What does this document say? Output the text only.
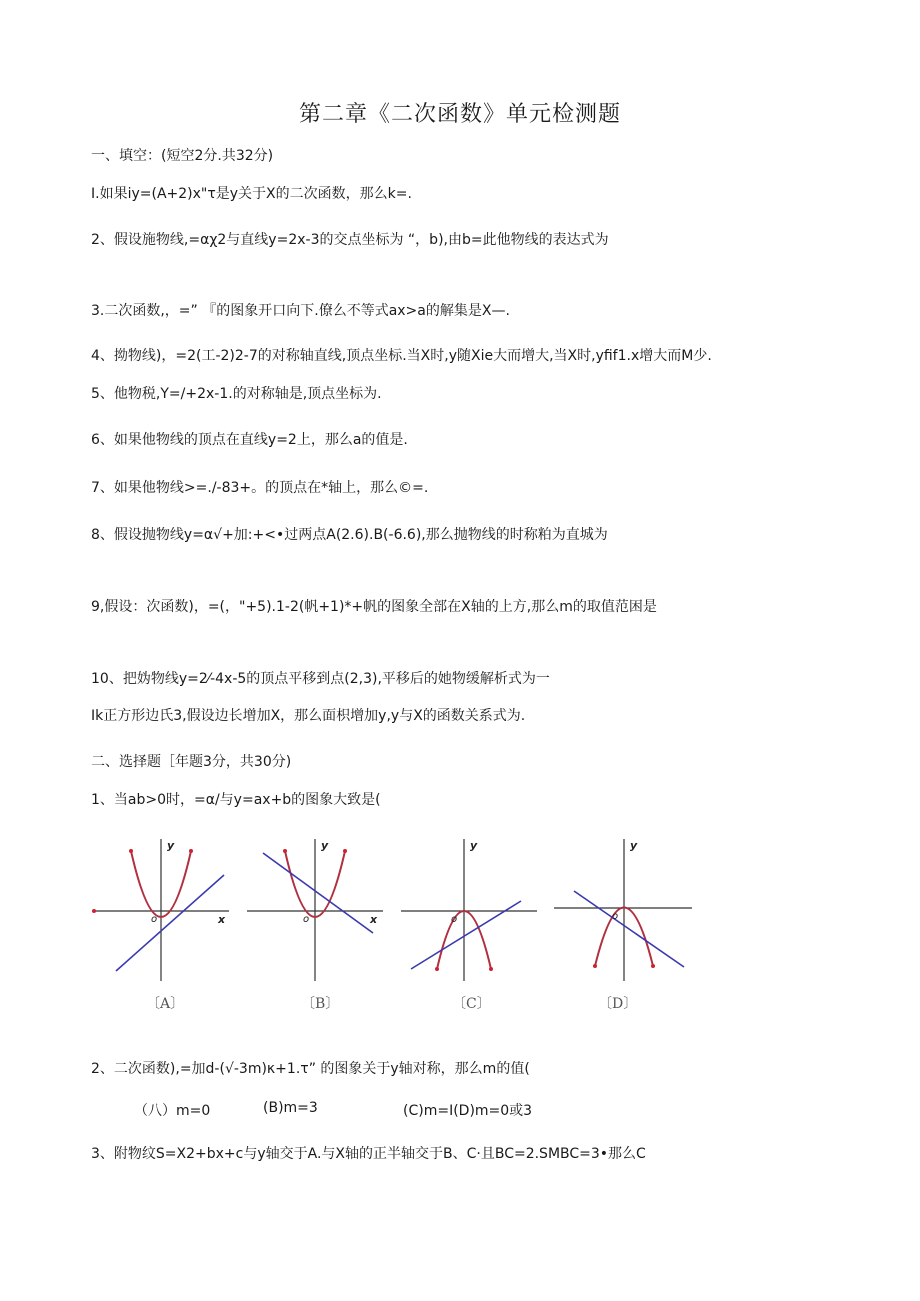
第二章《二次函数》单元检测题
一、填空：(短空2分.共32分)
I.如果ⅰy=(A+2)x"τ是y关于X的二次函数，那么k=.
2、假设施物线,=αχ2与直线y=2x-3的交点坐标为 “，b),由b=此他物线的表达式为
3.二次函数,，=” 『的图象开口向下.僚么不等式ax>a的解集是X—.
4、拗物线)，=2(工-2)2-7的对称轴直线,顶点坐标.当X时,y随Xie大而增大,当X时,yfif1.x增大而M少.
5、他物税,Y=/+2x-1.的对称轴是,顶点坐标为.
6、如果他物线的顶点在直线y=2上，那么a的值是.
7、如果他物线>=./-83+。的顶点在*轴上，那么©=.
8、假设抛物线y=α√+加:+<•过两点A(2.6).B(-6.6),那么抛物线的时称粕为直城为
9,假设：次函数)，=(，"+5).1-2(帆+1)*+帆的图象全部在X轴的上方,那么m的取值范困是
10、把妫物线y=2⁄-4x-5的顶点平移到点(2,3),平移后的她物缓解析式为一
Ik正方形边氏3,假设边长增加X，那么面枳增加y,y与X的函数关系式为.
二、选择题［年题3分，共30分)
1、当ab>0时，=α/与y=ax+b的图象大致是(
y
x
o
〔A〕
y
x
o
〔B〕
y
o
〔C〕
y
o
〔D〕
2、二次函数),=加d-(√-3m)κ+1.τ” 的图象关于y轴对称，那么m的值(
（八）m=0	(B)m=3	(C)m=I(D)m=0或3
3、附物纹S=X2+bx+c与y轴交于A.与X轴的正半轴交于B、C·且BC=2.SMBC=3•那么C
